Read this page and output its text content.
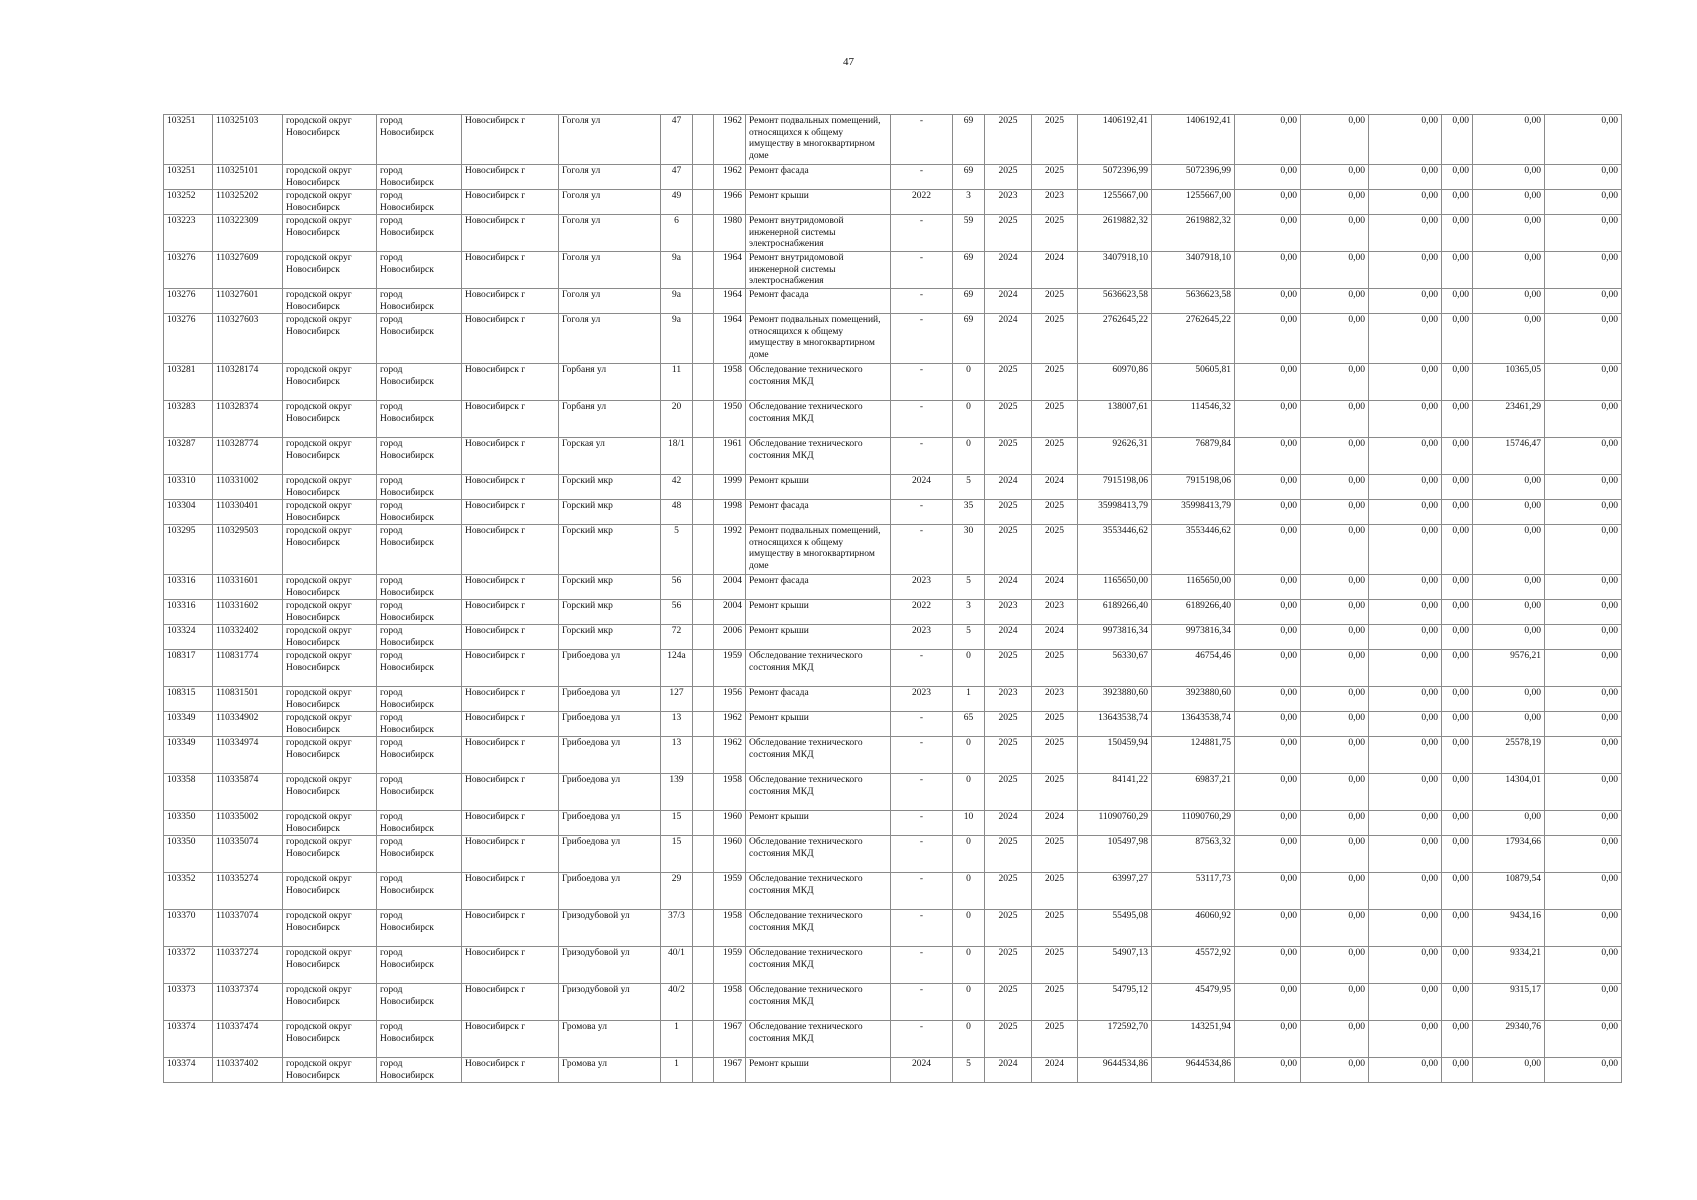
47
103251	110325103	городской округ Новосибирск	город Новосибирск	Новосибирск г	Гоголя ул	47		1962	Ремонт подвальных помещений, относящихся к общему имуществу в многоквартирном доме	-	69	2025	2025	1406192,41	1406192,41	0,00	0,00	0,00	0,00	0,00	0,00
103251	110325101	городской округ Новосибирск	город Новосибирск	Новосибирск г	Гоголя ул	47		1962	Ремонт фасада	-	69	2025	2025	5072396,99	5072396,99	0,00	0,00	0,00	0,00	0,00	0,00
103252	110325202	городской округ Новосибирск	город Новосибирск	Новосибирск г	Гоголя ул	49		1966	Ремонт крыши	2022	3	2023	2023	1255667,00	1255667,00	0,00	0,00	0,00	0,00	0,00	0,00
103223	110322309	городской округ Новосибирск	город Новосибирск	Новосибирск г	Гоголя ул	6		1980	Ремонт внутридомовой инженерной системы электроснабжения	-	59	2025	2025	2619882,32	2619882,32	0,00	0,00	0,00	0,00	0,00	0,00
103276	110327609	городской округ Новосибирск	город Новосибирск	Новосибирск г	Гоголя ул	9а		1964	Ремонт внутридомовой инженерной системы электроснабжения	-	69	2024	2024	3407918,10	3407918,10	0,00	0,00	0,00	0,00	0,00	0,00
103276	110327601	городской округ Новосибирск	город Новосибирск	Новосибирск г	Гоголя ул	9а		1964	Ремонт фасада	-	69	2024	2025	5636623,58	5636623,58	0,00	0,00	0,00	0,00	0,00	0,00
103276	110327603	городской округ Новосибирск	город Новосибирск	Новосибирск г	Гоголя ул	9а		1964	Ремонт подвальных помещений, относящихся к общему имуществу в многоквартирном доме	-	69	2024	2025	2762645,22	2762645,22	0,00	0,00	0,00	0,00	0,00	0,00
103281	110328174	городской округ Новосибирск	город Новосибирск	Новосибирск г	Горбаня ул	11		1958	Обследование технического состояния МКД	-	0	2025	2025	60970,86	50605,81	0,00	0,00	0,00	0,00	10365,05	0,00
103283	110328374	городской округ Новосибирск	город Новосибирск	Новосибирск г	Горбаня ул	20		1950	Обследование технического состояния МКД	-	0	2025	2025	138007,61	114546,32	0,00	0,00	0,00	0,00	23461,29	0,00
103287	110328774	городской округ Новосибирск	город Новосибирск	Новосибирск г	Горская ул	18/1		1961	Обследование технического состояния МКД	-	0	2025	2025	92626,31	76879,84	0,00	0,00	0,00	0,00	15746,47	0,00
103310	110331002	городской округ Новосибирск	город Новосибирск	Новосибирск г	Горский мкр	42		1999	Ремонт крыши	2024	5	2024	2024	7915198,06	7915198,06	0,00	0,00	0,00	0,00	0,00	0,00
103304	110330401	городской округ Новосибирск	город Новосибирск	Новосибирск г	Горский мкр	48		1998	Ремонт фасада	-	35	2025	2025	35998413,79	35998413,79	0,00	0,00	0,00	0,00	0,00	0,00
103295	110329503	городской округ Новосибирск	город Новосибирск	Новосибирск г	Горский мкр	5		1992	Ремонт подвальных помещений, относящихся к общему имуществу в многоквартирном доме	-	30	2025	2025	3553446,62	3553446,62	0,00	0,00	0,00	0,00	0,00	0,00
103316	110331601	городской округ Новосибирск	город Новосибирск	Новосибирск г	Горский мкр	56		2004	Ремонт фасада	2023	5	2024	2024	1165650,00	1165650,00	0,00	0,00	0,00	0,00	0,00	0,00
103316	110331602	городской округ Новосибирск	город Новосибирск	Новосибирск г	Горский мкр	56		2004	Ремонт крыши	2022	3	2023	2023	6189266,40	6189266,40	0,00	0,00	0,00	0,00	0,00	0,00
103324	110332402	городской округ Новосибирск	город Новосибирск	Новосибирск г	Горский мкр	72		2006	Ремонт крыши	2023	5	2024	2024	9973816,34	9973816,34	0,00	0,00	0,00	0,00	0,00	0,00
108317	110831774	городской округ Новосибирск	город Новосибирск	Новосибирск г	Грибоедова ул	124а		1959	Обследование технического состояния МКД	-	0	2025	2025	56330,67	46754,46	0,00	0,00	0,00	0,00	9576,21	0,00
108315	110831501	городской округ Новосибирск	город Новосибирск	Новосибирск г	Грибоедова ул	127		1956	Ремонт фасада	2023	1	2023	2023	3923880,60	3923880,60	0,00	0,00	0,00	0,00	0,00	0,00
103349	110334902	городской округ Новосибирск	город Новосибирск	Новосибирск г	Грибоедова ул	13		1962	Ремонт крыши	-	65	2025	2025	13643538,74	13643538,74	0,00	0,00	0,00	0,00	0,00	0,00
103349	110334974	городской округ Новосибирск	город Новосибирск	Новосибирск г	Грибоедова ул	13		1962	Обследование технического состояния МКД	-	0	2025	2025	150459,94	124881,75	0,00	0,00	0,00	0,00	25578,19	0,00
103358	110335874	городской округ Новосибирск	город Новосибирск	Новосибирск г	Грибоедова ул	139		1958	Обследование технического состояния МКД	-	0	2025	2025	84141,22	69837,21	0,00	0,00	0,00	0,00	14304,01	0,00
103350	110335002	городской округ Новосибирск	город Новосибирск	Новосибирск г	Грибоедова ул	15		1960	Ремонт крыши	-	10	2024	2024	11090760,29	11090760,29	0,00	0,00	0,00	0,00	0,00	0,00
103350	110335074	городской округ Новосибирск	город Новосибирск	Новосибирск г	Грибоедова ул	15		1960	Обследование технического состояния МКД	-	0	2025	2025	105497,98	87563,32	0,00	0,00	0,00	0,00	17934,66	0,00
103352	110335274	городской округ Новосибирск	город Новосибирск	Новосибирск г	Грибоедова ул	29		1959	Обследование технического состояния МКД	-	0	2025	2025	63997,27	53117,73	0,00	0,00	0,00	0,00	10879,54	0,00
103370	110337074	городской округ Новосибирск	город Новосибирск	Новосибирск г	Гризодубовой ул	37/3		1958	Обследование технического состояния МКД	-	0	2025	2025	55495,08	46060,92	0,00	0,00	0,00	0,00	9434,16	0,00
103372	110337274	городской округ Новосибирск	город Новосибирск	Новосибирск г	Гризодубовой ул	40/1		1959	Обследование технического состояния МКД	-	0	2025	2025	54907,13	45572,92	0,00	0,00	0,00	0,00	9334,21	0,00
103373	110337374	городской округ Новосибирск	город Новосибирск	Новосибирск г	Гризодубовой ул	40/2		1958	Обследование технического состояния МКД	-	0	2025	2025	54795,12	45479,95	0,00	0,00	0,00	0,00	9315,17	0,00
103374	110337474	городской округ Новосибирск	город Новосибирск	Новосибирск г	Громова ул	1		1967	Обследование технического состояния МКД	-	0	2025	2025	172592,70	143251,94	0,00	0,00	0,00	0,00	29340,76	0,00
103374	110337402	городской округ Новосибирск	город Новосибирск	Новосибирск г	Громова ул	1		1967	Ремонт крыши	2024	5	2024	2024	9644534,86	9644534,86	0,00	0,00	0,00	0,00	0,00	0,00
